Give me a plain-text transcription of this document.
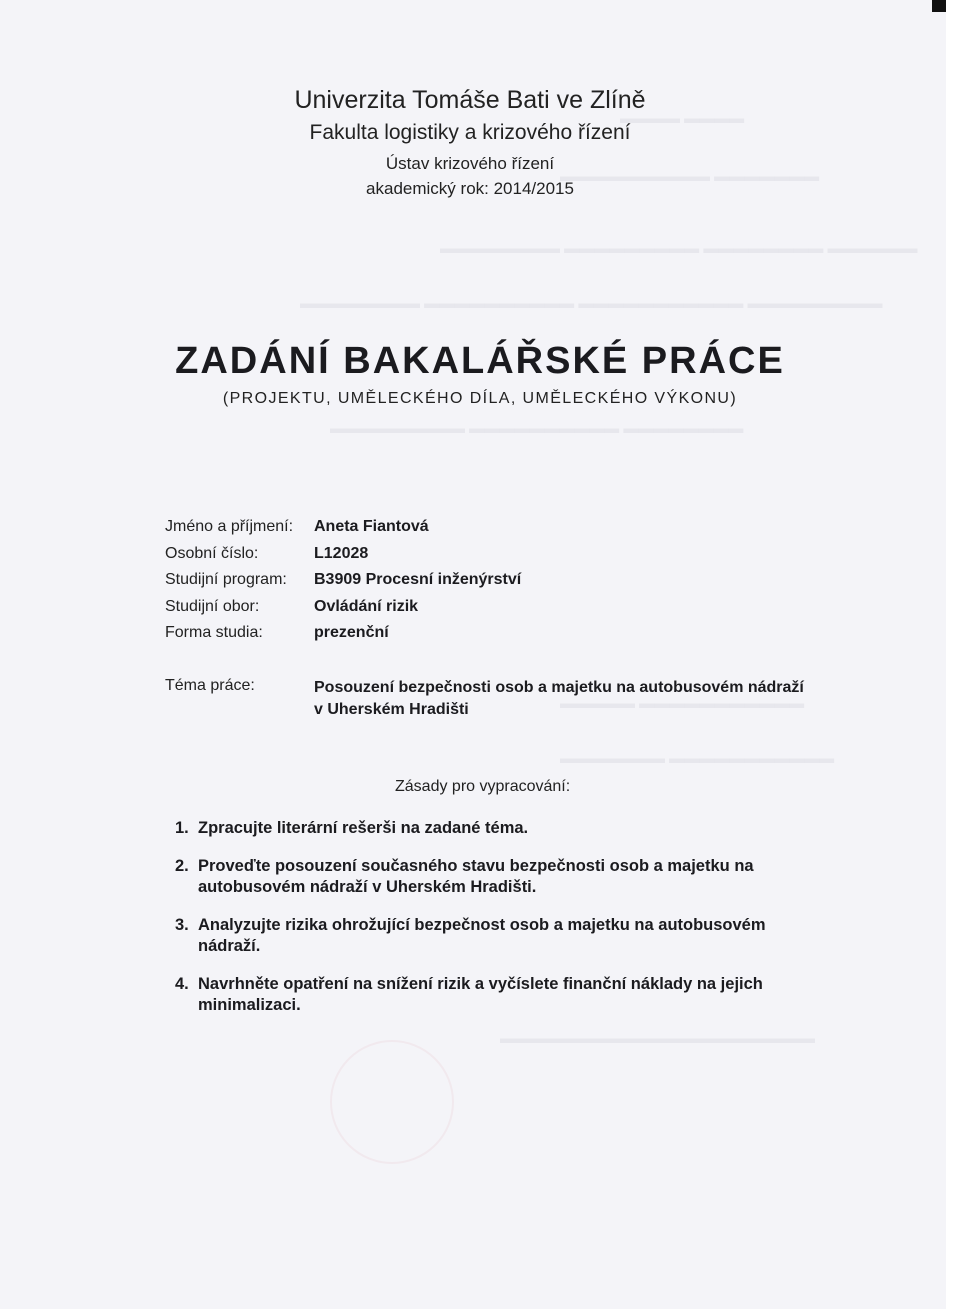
▬▬▬▬ ▬▬▬▬
▬▬▬▬▬▬▬ ▬▬▬▬▬▬▬▬▬▬
▬▬▬▬▬▬ ▬▬▬▬▬▬▬▬ ▬▬▬▬▬▬▬▬▬ ▬▬▬▬▬▬▬▬
▬▬▬▬▬▬▬▬▬ ▬▬▬▬▬▬▬▬▬▬▬ ▬▬▬▬▬▬▬▬▬▬ ▬▬▬▬▬▬▬▬
▬▬▬▬▬▬▬▬ ▬▬▬▬▬▬▬▬▬▬ ▬▬▬▬▬▬▬▬▬
▬▬▬▬▬▬▬▬▬▬▬ ▬▬▬▬▬
▬▬▬▬▬▬▬▬▬▬▬ ▬▬▬▬▬▬▬
▬▬▬▬▬▬▬▬▬▬▬▬▬▬▬▬▬▬▬▬▬
Univerzita Tomáše Bati ve Zlíně
Fakulta logistiky a krizového řízení
Ústav krizového řízení
akademický rok: 2014/2015
ZADÁNÍ BAKALÁŘSKÉ PRÁCE
(PROJEKTU, UMĚLECKÉHO DÍLA, UMĚLECKÉHO VÝKONU)
Jméno a příjmení:	Aneta Fiantová
Osobní číslo:	L12028
Studijní program:	B3909 Procesní inženýrství
Studijní obor:	Ovládání rizik
Forma studia:	prezenční
Téma práce:	Posouzení bezpečnosti osob a majetku na autobusovém nádraží v Uherském Hradišti
Zásady pro vypracování:
1. Zpracujte literární rešerši na zadané téma.
2. Proveďte posouzení současného stavu bezpečnosti osob a majetku na autobusovém nádraží v Uherském Hradišti.
3. Analyzujte rizika ohrožující bezpečnost osob a majetku na autobusovém nádraží.
4. Navrhněte opatření na snížení rizik a vyčíslete finanční náklady na jejich minimalizaci.
